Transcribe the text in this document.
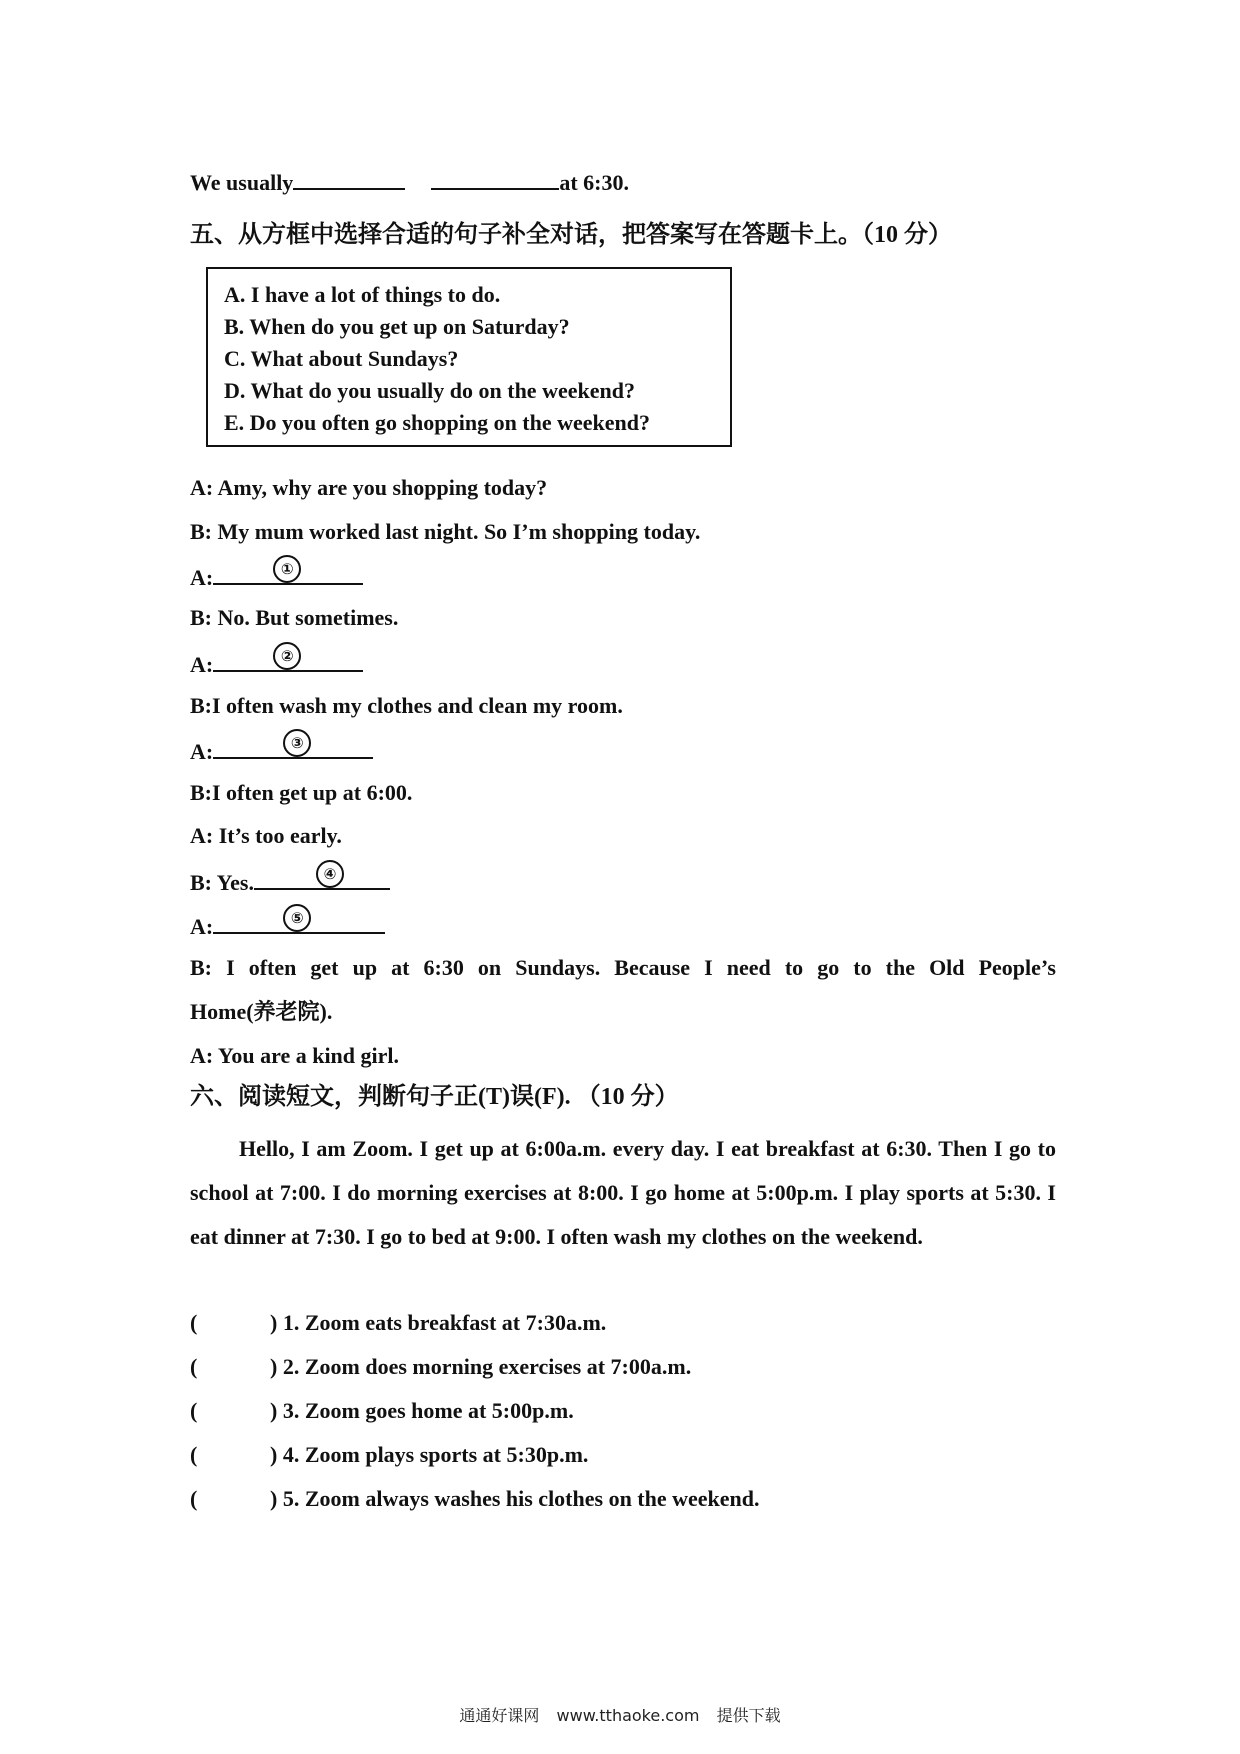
We usually	at 6:30.
五、从方框中选择合适的句子补全对话，把答案写在答题卡上。（10 分）
A. I have a lot of things to do.
B. When do you get up on Saturday?
C. What about Sundays?
D. What do you usually do on the weekend?
E. Do you often go shopping on the weekend?
A: Amy, why are you shopping today?
B: My mum worked last night. So I’m shopping today.
A:	①
B: No. But sometimes.
A:	②
B:I often wash my clothes and clean my room.
A:	③
B:I often get up at 6:00.
A: It’s too early.
B: Yes.	④
A:	⑤
B: I often get up at 6:30 on Sundays. Because I need to go to the Old People’s
Home(养老院).
A: You are a kind girl.
六、阅读短文，判断句子正(T)误(F). （10 分）
Hello, I am Zoom. I get up at 6:00a.m. every day. I eat breakfast at 6:30. Then I go to school at 7:00. I do morning exercises at 8:00. I go home at 5:00p.m. I play sports at 5:30. I eat dinner at 7:30. I go to bed at 9:00. I often wash my clothes on the weekend.
(	) 1. Zoom eats breakfast at 7:30a.m.
(	) 2. Zoom does morning exercises at 7:00a.m.
(	) 3. Zoom goes home at 5:00p.m.
(	) 4. Zoom plays sports at 5:30p.m.
(	) 5. Zoom always washes his clothes on the weekend.
通通好课网 www.tthaoke.com 提供下载
